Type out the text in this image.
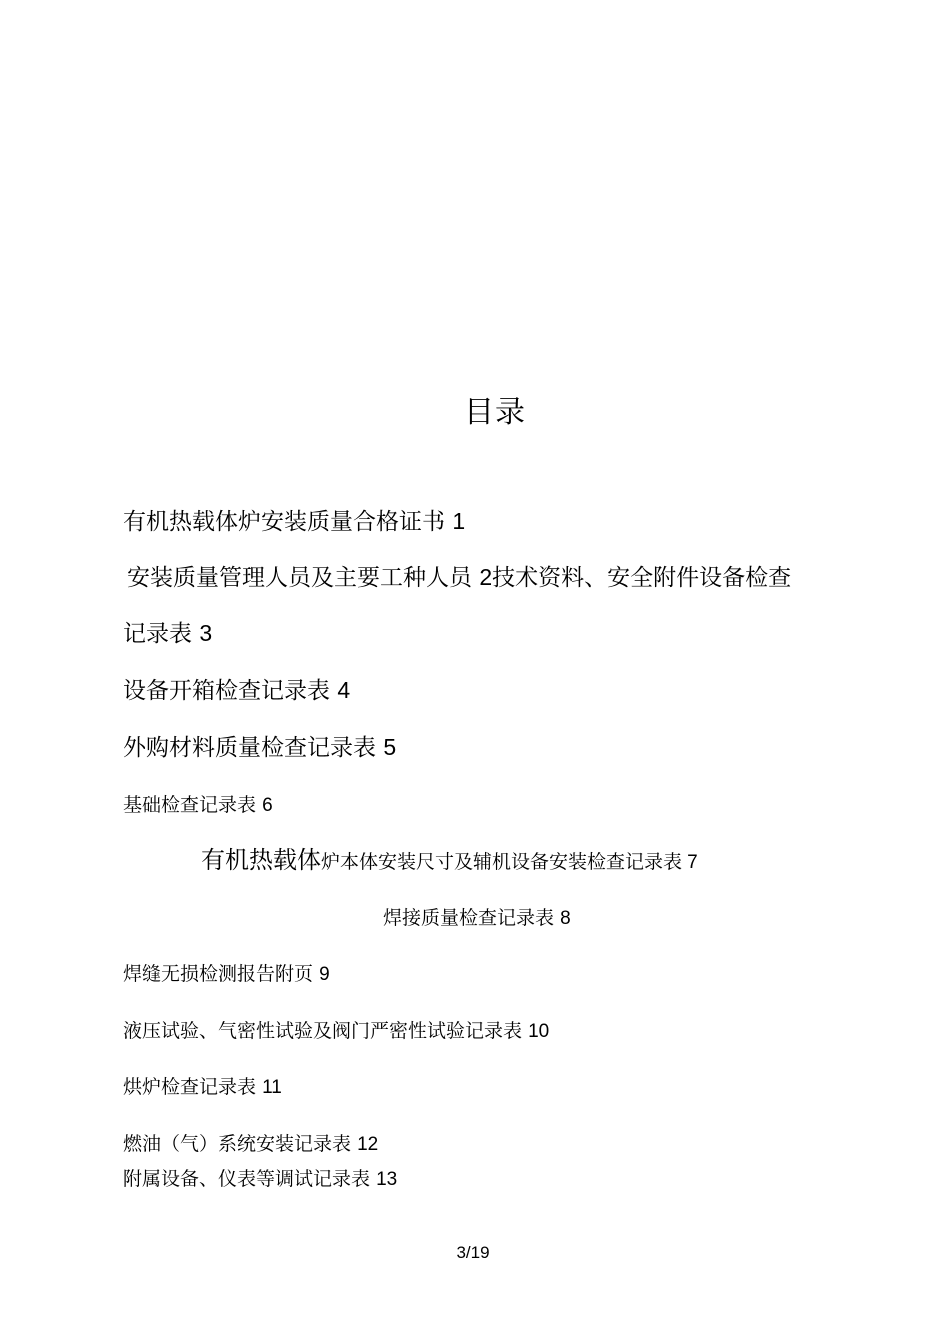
目录
有机热载体炉安装质量合格证书 1
安装质量管理人员及主要工种人员 2技术资料、安全附件设备检查
记录表 3
设备开箱检查记录表 4
外购材料质量检查记录表 5
基础检查记录表 6
有机热载体炉本体安装尺寸及辅机设备安装检查记录表 7
焊接质量检查记录表 8
焊缝无损检测报告附页 9
液压试验、气密性试验及阀门严密性试验记录表 10
烘炉检查记录表 11
燃油（气）系统安装记录表 12
附属设备、仪表等调试记录表 13
3/19
